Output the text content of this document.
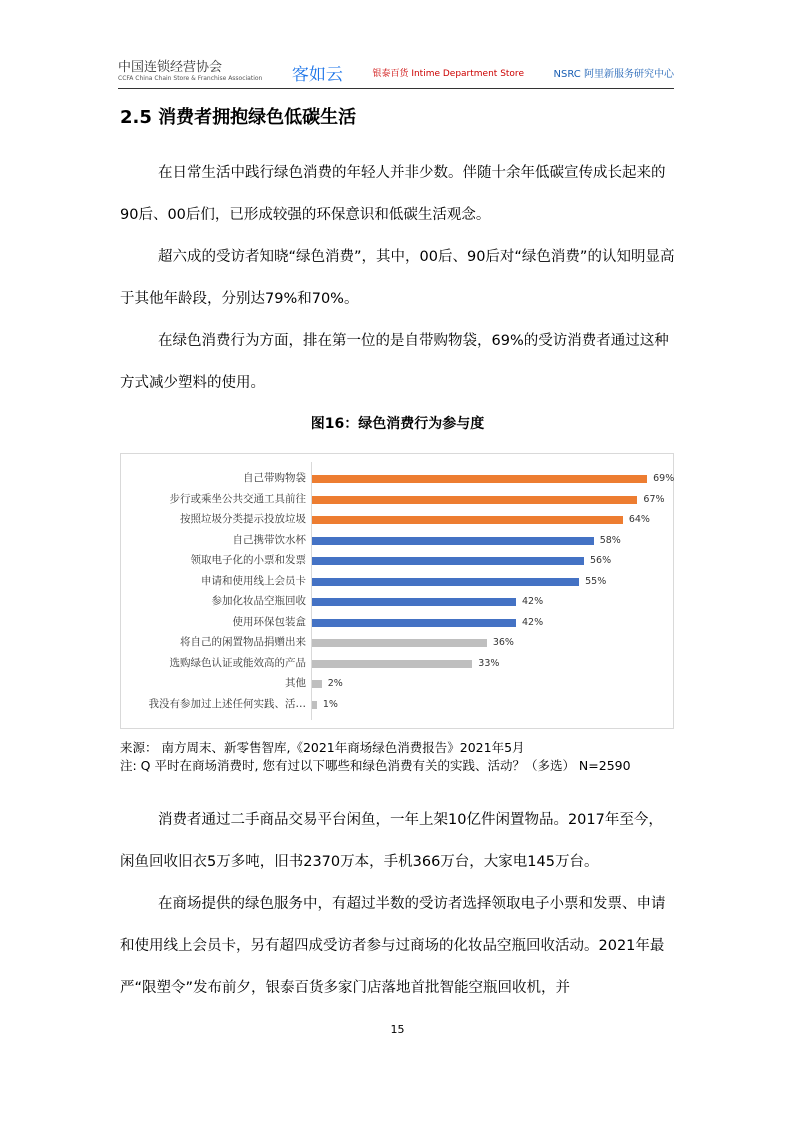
中国连锁经营协会
CCFA China Chain Store & Franchise Association 客如云	银泰百货 Intime Department Store	NSRC 阿里新服务研究中心
2.5 消费者拥抱绿色低碳生活

在日常生活中践行绿色消费的年轻人并非少数。伴随十余年低碳宣传成长起来的90后、00后们，已形成较强的环保意识和低碳生活观念。

超六成的受访者知晓“绿色消费”，其中，00后、90后对“绿色消费”的认知明显高于其他年龄段，分别达79%和70%。

在绿色消费行为方面，排在第一位的是自带购物袋，69%的受访消费者通过这种方式减少塑料的使用。

图16：绿色消费行为参与度
自己带购物袋	69%
步行或乘坐公共交通工具前往	67%
按照垃圾分类提示投放垃圾	64%
自己携带饮水杯	58%
领取电子化的小票和发票	56%
申请和使用线上会员卡	55%
参加化妆品空瓶回收	42%
使用环保包装盒	42%
将自己的闲置物品捐赠出来	36%
选购绿色认证或能效高的产品	33%
其他 2%
我没有参加过上述任何实践、活… 1%
来源： 南方周末、新零售智库,《2021年商场绿色消费报告》2021年5月
注: Q 平时在商场消费时, 您有过以下哪些和绿色消费有关的实践、活动？（多选） N=2590

消费者通过二手商品交易平台闲鱼，一年上架10亿件闲置物品。2017年至今，闲鱼回收旧衣5万多吨，旧书2370万本，手机366万台，大家电145万台。

在商场提供的绿色服务中，有超过半数的受访者选择领取电子小票和发票、申请和使用线上会员卡，另有超四成受访者参与过商场的化妆品空瓶回收活动。2021年最严“限塑令”发布前夕，银泰百货多家门店落地首批智能空瓶回收机，并

15
